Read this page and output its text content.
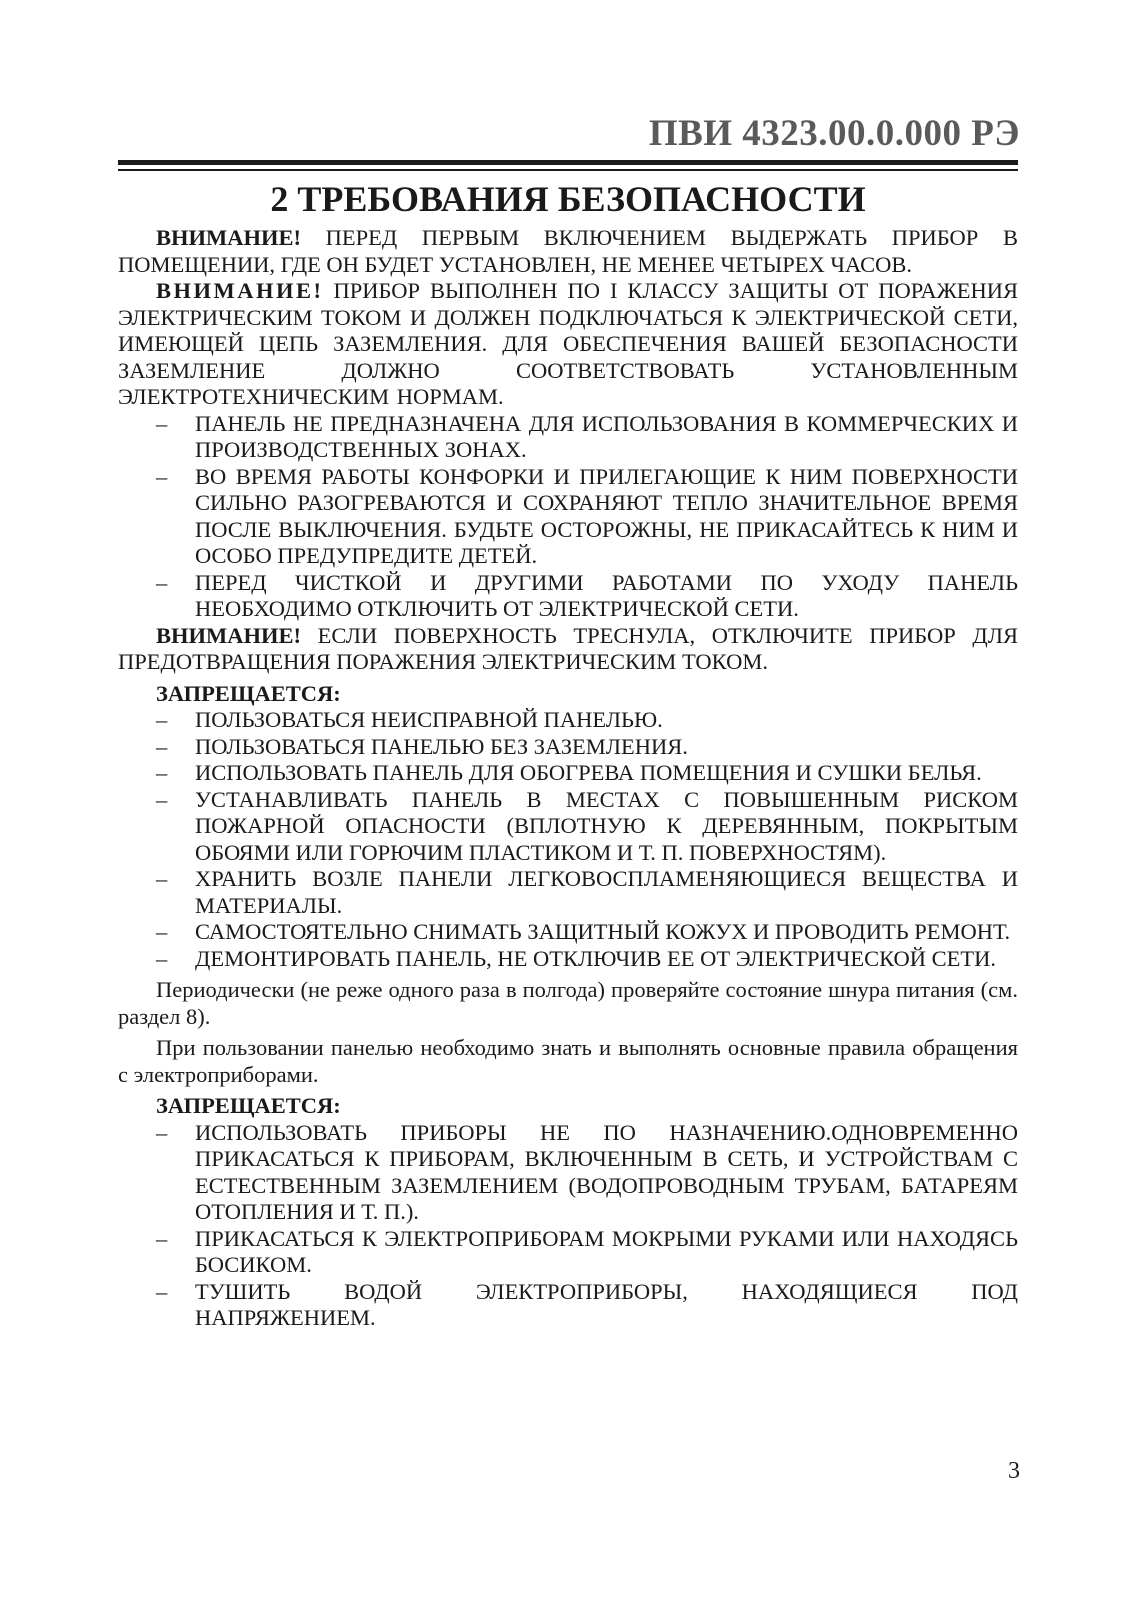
ПВИ 4323.00.0.000 РЭ
2 ТРЕБОВАНИЯ БЕЗОПАСНОСТИ

ВНИМАНИЕ! ПЕРЕД ПЕРВЫМ ВКЛЮЧЕНИЕМ ВЫДЕРЖАТЬ ПРИБОР В ПОМЕЩЕНИИ, ГДЕ ОН БУДЕТ УСТАНОВЛЕН, НЕ МЕНЕЕ ЧЕТЫРЕХ ЧАСОВ.

ВНИМАНИЕ! ПРИБОР ВЫПОЛНЕН ПО I КЛАССУ ЗАЩИТЫ ОТ ПОРАЖЕНИЯ ЭЛЕКТРИЧЕСКИМ ТОКОМ И ДОЛЖЕН ПОДКЛЮЧАТЬСЯ К ЭЛЕКТРИЧЕСКОЙ СЕТИ, ИМЕЮЩЕЙ ЦЕПЬ ЗАЗЕМЛЕНИЯ. ДЛЯ ОБЕСПЕЧЕНИЯ ВАШЕЙ БЕЗОПАСНОСТИ ЗАЗЕМЛЕНИЕ ДОЛЖНО СООТВЕТСТВОВАТЬ УСТАНОВЛЕННЫМ ЭЛЕКТРОТЕХНИЧЕСКИМ НОРМАМ.

– ПАНЕЛЬ НЕ ПРЕДНАЗНАЧЕНА ДЛЯ ИСПОЛЬЗОВАНИЯ В КОММЕРЧЕСКИХ И ПРОИЗВОДСТВЕННЫХ ЗОНАХ.
– ВО ВРЕМЯ РАБОТЫ КОНФОРКИ И ПРИЛЕГАЮЩИЕ К НИМ ПОВЕРХНОСТИ СИЛЬНО РАЗОГРЕВАЮТСЯ И СОХРАНЯЮТ ТЕПЛО ЗНАЧИТЕЛЬНОЕ ВРЕМЯ ПОСЛЕ ВЫКЛЮЧЕНИЯ. БУДЬТЕ ОСТОРОЖНЫ, НЕ ПРИКАСАЙТЕСЬ К НИМ И ОСОБО ПРЕДУПРЕДИТЕ ДЕТЕЙ.
– ПЕРЕД ЧИСТКОЙ И ДРУГИМИ РАБОТАМИ ПО УХОДУ ПАНЕЛЬ НЕОБХОДИМО ОТКЛЮЧИТЬ ОТ ЭЛЕКТРИЧЕСКОЙ СЕТИ.

ВНИМАНИЕ! ЕСЛИ ПОВЕРХНОСТЬ ТРЕСНУЛА, ОТКЛЮЧИТЕ ПРИБОР ДЛЯ ПРЕДОТВРАЩЕНИЯ ПОРАЖЕНИЯ ЭЛЕКТРИЧЕСКИМ ТОКОМ.

ЗАПРЕЩАЕТСЯ:

– ПОЛЬЗОВАТЬСЯ НЕИСПРАВНОЙ ПАНЕЛЬЮ.
– ПОЛЬЗОВАТЬСЯ ПАНЕЛЬЮ БЕЗ ЗАЗЕМЛЕНИЯ.
– ИСПОЛЬЗОВАТЬ ПАНЕЛЬ ДЛЯ ОБОГРЕВА ПОМЕЩЕНИЯ И СУШКИ БЕЛЬЯ.
– УСТАНАВЛИВАТЬ ПАНЕЛЬ В МЕСТАХ С ПОВЫШЕННЫМ РИСКОМ ПОЖАРНОЙ ОПАСНОСТИ (ВПЛОТНУЮ К ДЕРЕВЯННЫМ, ПОКРЫТЫМ ОБОЯМИ ИЛИ ГОРЮЧИМ ПЛАСТИКОМ И Т. П. ПОВЕРХНОСТЯМ).
– ХРАНИТЬ ВОЗЛЕ ПАНЕЛИ ЛЕГКОВОСПЛАМЕНЯЮЩИЕСЯ ВЕЩЕСТВА И МАТЕРИАЛЫ.
– САМОСТОЯТЕЛЬНО СНИМАТЬ ЗАЩИТНЫЙ КОЖУХ И ПРОВОДИТЬ РЕМОНТ.
– ДЕМОНТИРОВАТЬ ПАНЕЛЬ, НЕ ОТКЛЮЧИВ ЕЕ ОТ ЭЛЕКТРИЧЕСКОЙ СЕТИ.

Периодически (не реже одного раза в полгода) проверяйте состояние шнура питания (см. раздел 8).

При пользовании панелью необходимо знать и выполнять основные правила обращения с электроприборами.

ЗАПРЕЩАЕТСЯ:

– ИСПОЛЬЗОВАТЬ ПРИБОРЫ НЕ ПО НАЗНАЧЕНИЮ.ОДНОВРЕМЕННО ПРИКАСАТЬСЯ К ПРИБОРАМ, ВКЛЮЧЕННЫМ В СЕТЬ, И УСТРОЙСТВАМ С ЕСТЕСТВЕННЫМ ЗАЗЕМЛЕНИЕМ (ВОДОПРОВОДНЫМ ТРУБАМ, БАТАРЕЯМ ОТОПЛЕНИЯ И Т. П.).
– ПРИКАСАТЬСЯ К ЭЛЕКТРОПРИБОРАМ МОКРЫМИ РУКАМИ ИЛИ НАХОДЯСЬ БОСИКОМ.
– ТУШИТЬ ВОДОЙ ЭЛЕКТРОПРИБОРЫ, НАХОДЯЩИЕСЯ ПОД НАПРЯЖЕНИЕМ.
3
